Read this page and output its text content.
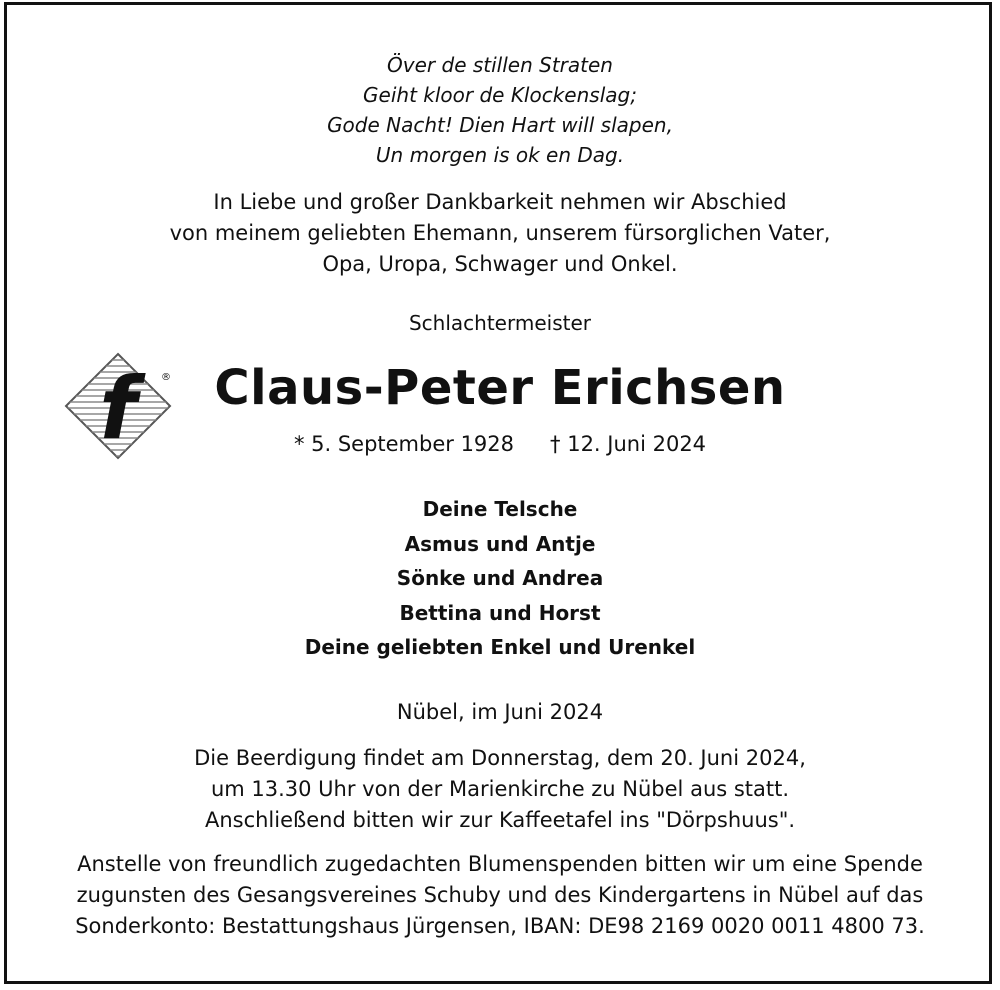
Över de stillen Straten
Geiht kloor de Klockenslag;
Gode Nacht! Dien Hart will slapen,
Un morgen is ok en Dag.
In Liebe und großer Dankbarkeit nehmen wir Abschied
von meinem geliebten Ehemann, unserem fürsorglichen Vater,
Opa, Uropa, Schwager und Onkel.
Schlachtermeister
f	® Claus-Peter Erichsen
* 5. September 1928 † 12. Juni 2024
Deine Telsche
Asmus und Antje
Sönke und Andrea
Bettina und Horst
Deine geliebten Enkel und Urenkel
Nübel, im Juni 2024
Die Beerdigung findet am Donnerstag, dem 20. Juni 2024,
um 13.30 Uhr von der Marienkirche zu Nübel aus statt.
Anschließend bitten wir zur Kaffeetafel ins "Dörpshuus".
Anstelle von freundlich zugedachten Blumenspenden bitten wir um eine Spende
zugunsten des Gesangsvereines Schuby und des Kindergartens in Nübel auf das
Sonderkonto: Bestattungshaus Jürgensen, IBAN: DE98 2169 0020 0011 4800 73.
